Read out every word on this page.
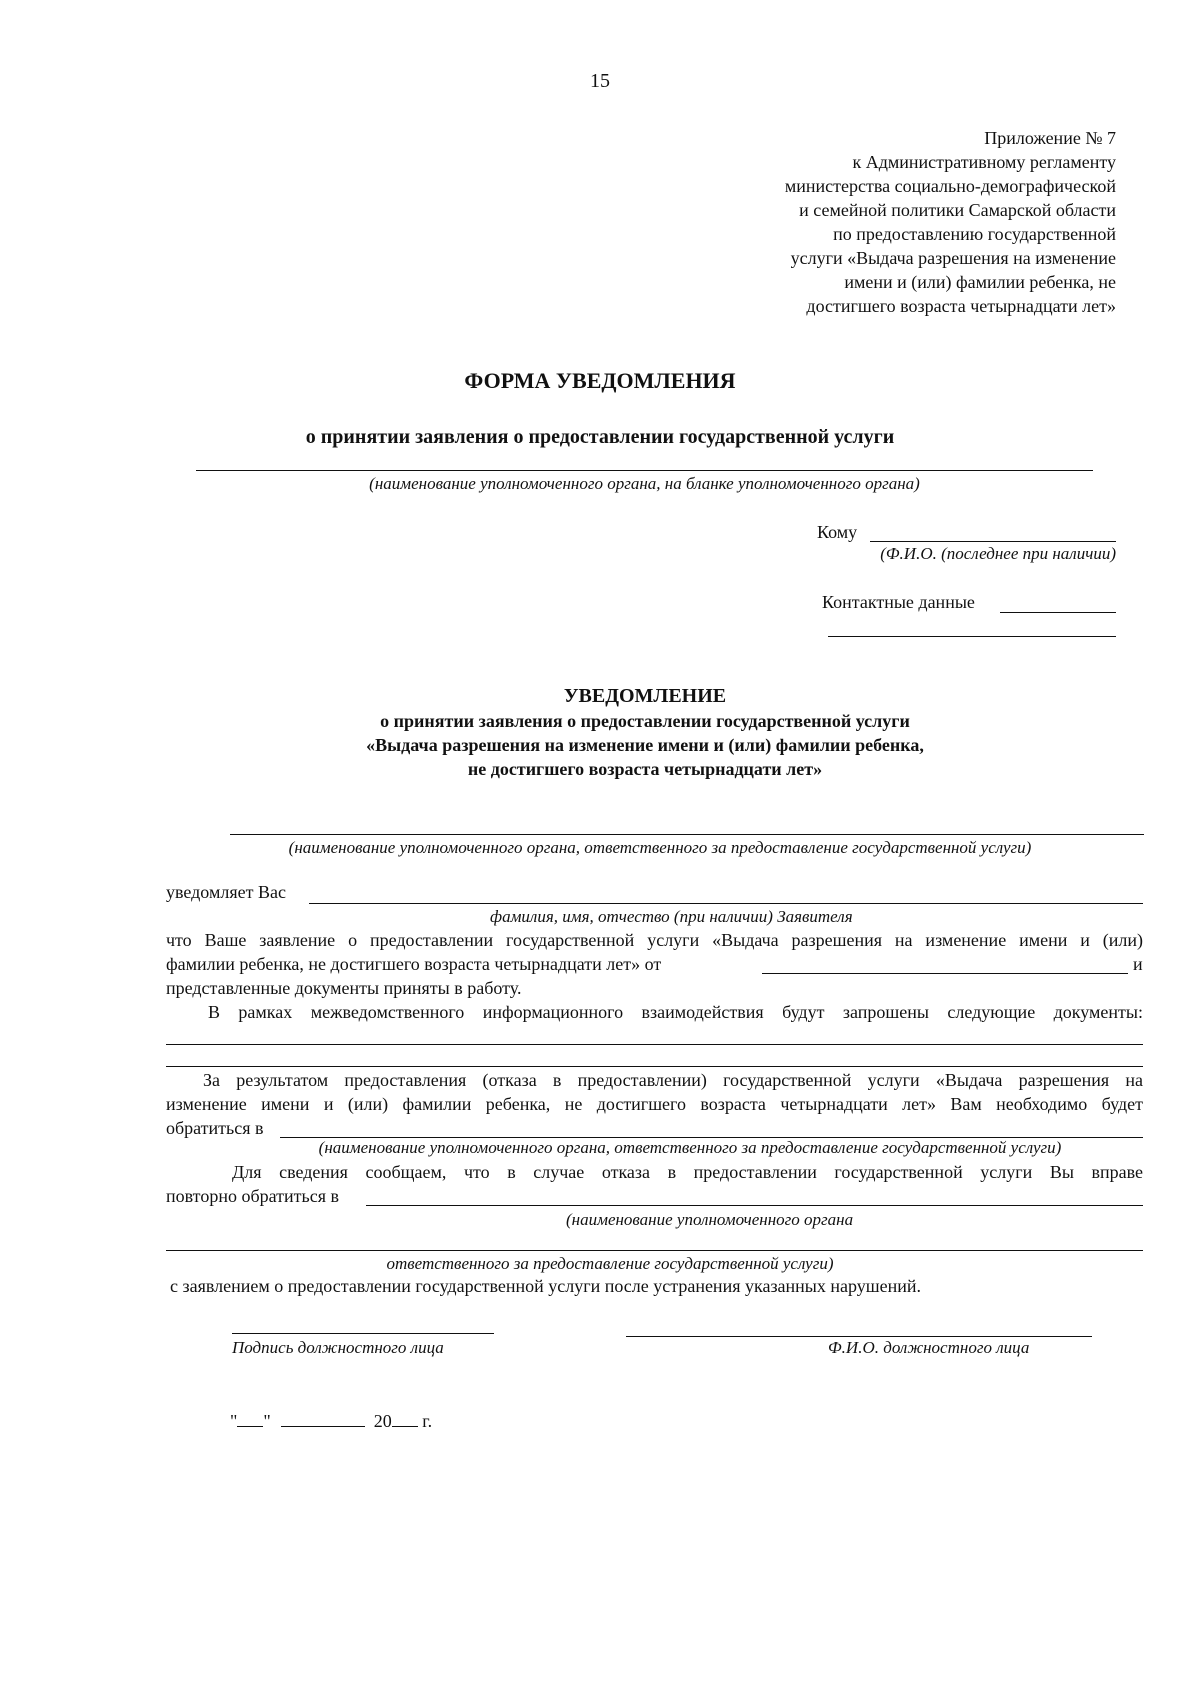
15
Приложение № 7
к Административному регламенту
министерства социально-демографической
и семейной политики Самарской области
по предоставлению государственной
услуги «Выдача разрешения на изменение
имени и (или) фамилии ребенка, не
достигшего возраста четырнадцати лет»
ФОРМА УВЕДОМЛЕНИЯ
о принятии заявления о предоставлении государственной услуги
(наименование уполномоченного органа, на бланке уполномоченного органа)
Кому
(Ф.И.О. (последнее при наличии)
Контактные данные
УВЕДОМЛЕНИЕ
о принятии заявления о предоставлении государственной услуги
«Выдача разрешения на изменение имени и (или) фамилии ребенка,
не достигшего возраста четырнадцати лет»
(наименование уполномоченного органа, ответственного за предоставление государственной услуги)
уведомляет Вас
фамилия, имя, отчество (при наличии) Заявителя
что Ваше заявление о предоставлении государственной услуги «Выдача разрешения на изменение имени и (или)
фамилии ребенка, не достигшего возраста четырнадцати лет» от	и
представленные документы приняты в работу.
В рамках межведомственного информационного взаимодействия будут запрошены следующие документы:
За результатом предоставления (отказа в предоставлении) государственной услуги «Выдача разрешения на
изменение имени и (или) фамилии ребенка, не достигшего возраста четырнадцати лет» Вам необходимо будет
обратиться в
(наименование уполномоченного органа, ответственного за предоставление государственной услуги)
Для сведения сообщаем, что в случае отказа в предоставлении государственной услуги Вы вправе
повторно обратиться в
(наименование уполномоченного органа
ответственного за предоставление государственной услуги)
с заявлением о предоставлении государственной услуги после устранения указанных нарушений.
Подпись должностного лица	Ф.И.О. должностного лица
" "	20 г.
